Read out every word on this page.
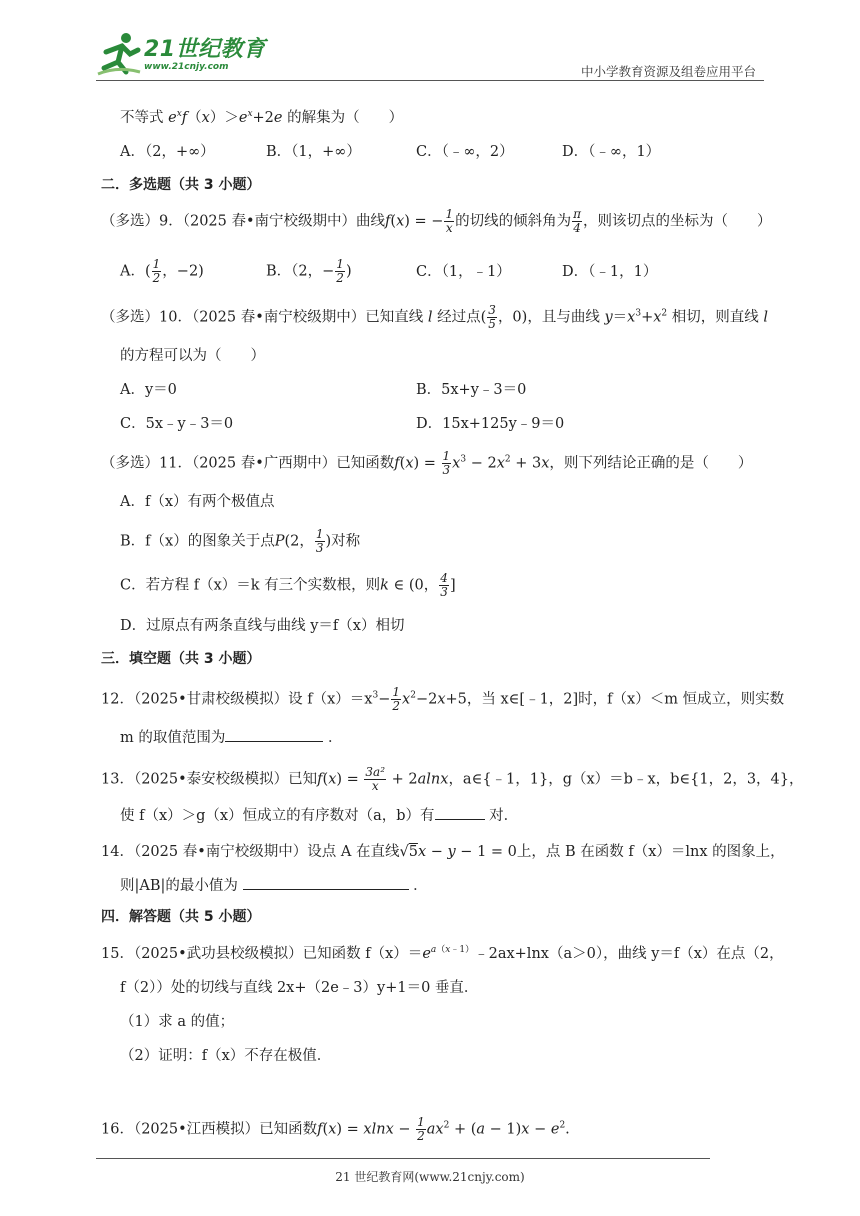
21世纪教育
www.21cnjy.com	中小学教育资源及组卷应用平台
不等式 $e^xf(x)>e^x+2e$ 的解集为（　　）
A．（2，+∞）	B．（1，+∞）	C．（﹣∞，2）	D．（﹣∞，1）
二．多选题（共 3 小题）
（多选）9．（2025 春•南宁校级期中）曲线f(x) = − $\frac{1}{x}$ 的切线的倾斜角为 $\frac{\pi}{4}$ ，则该切点的坐标为（　　）
A．( $\frac{1}{2}$ ，−2)	B．（2，− $\frac{1}{2}$ )	C．（1，﹣1）	D．（﹣1，1）
（多选）10．（2025 春•南宁校级期中）已知直线 l 经过点( $\frac{3}{5}$ ，0)，且与曲线 $y=x^3+x^2$ 相切，则直线 l
的方程可以为（　　）
A．y＝0	B．5x+y﹣3＝0
C．5x﹣y﹣3＝0	D．15x+125y﹣9＝0
（多选）11．（2025 春•广西期中）已知函数$f(x) = \frac{1}{3} x^3 - 2x^2 + 3x$，则下列结论正确的是（　　）
A．f（x）有两个极值点
B．f（x）的图象关于点P(2， $\frac{1}{3}$ )对称
C．若方程 f（x）＝k 有三个实数根，则k ∈ (0， $\frac{4}{3}$ ]
D．过原点有两条直线与曲线 y＝f（x）相切
三．填空题（共 3 小题）
12．（2025•甘肃校级模拟）设 $f(x)=x^3- \frac{1}{2} x^2-2x+5$，当 x∈[﹣1，2]时，f（x）＜m 恒成立，则实数
m 的取值范围为	．
13．（2025•泰安校级模拟）已知$f(x) = \frac{\text{3a²}}{x} + 2alnx$，a∈{﹣1，1}，g（x）＝b﹣x，b∈{1，2，3，4}，
使 f（x）＞g（x）恒成立的有序数对（a，b）有	对．
14．（2025 春•南宁校级期中）设点 A 在直线√5x − y − 1 = 0上，点 B 在函数 f（x）＝lnx 的图象上，
则|AB|的最小值为	．
四．解答题（共 5 小题）
15．（2025•武功县校级模拟）已知函数 $f(x)=e^{a(x﹣1)}﹣2ax+\ln x(a>0)$，曲线 y＝f（x）在点（2，
f（2））处的切线与直线 2x+（2e﹣3）y+1＝0 垂直．
（1）求 a 的值；
（2）证明：f（x）不存在极值．
16．（2025•江西模拟）已知函数$f(x) = xlnx - \frac{1}{2} ax^2 + (a - 1)x - e^2$.
21 世纪教育网(www.21cnjy.com)
